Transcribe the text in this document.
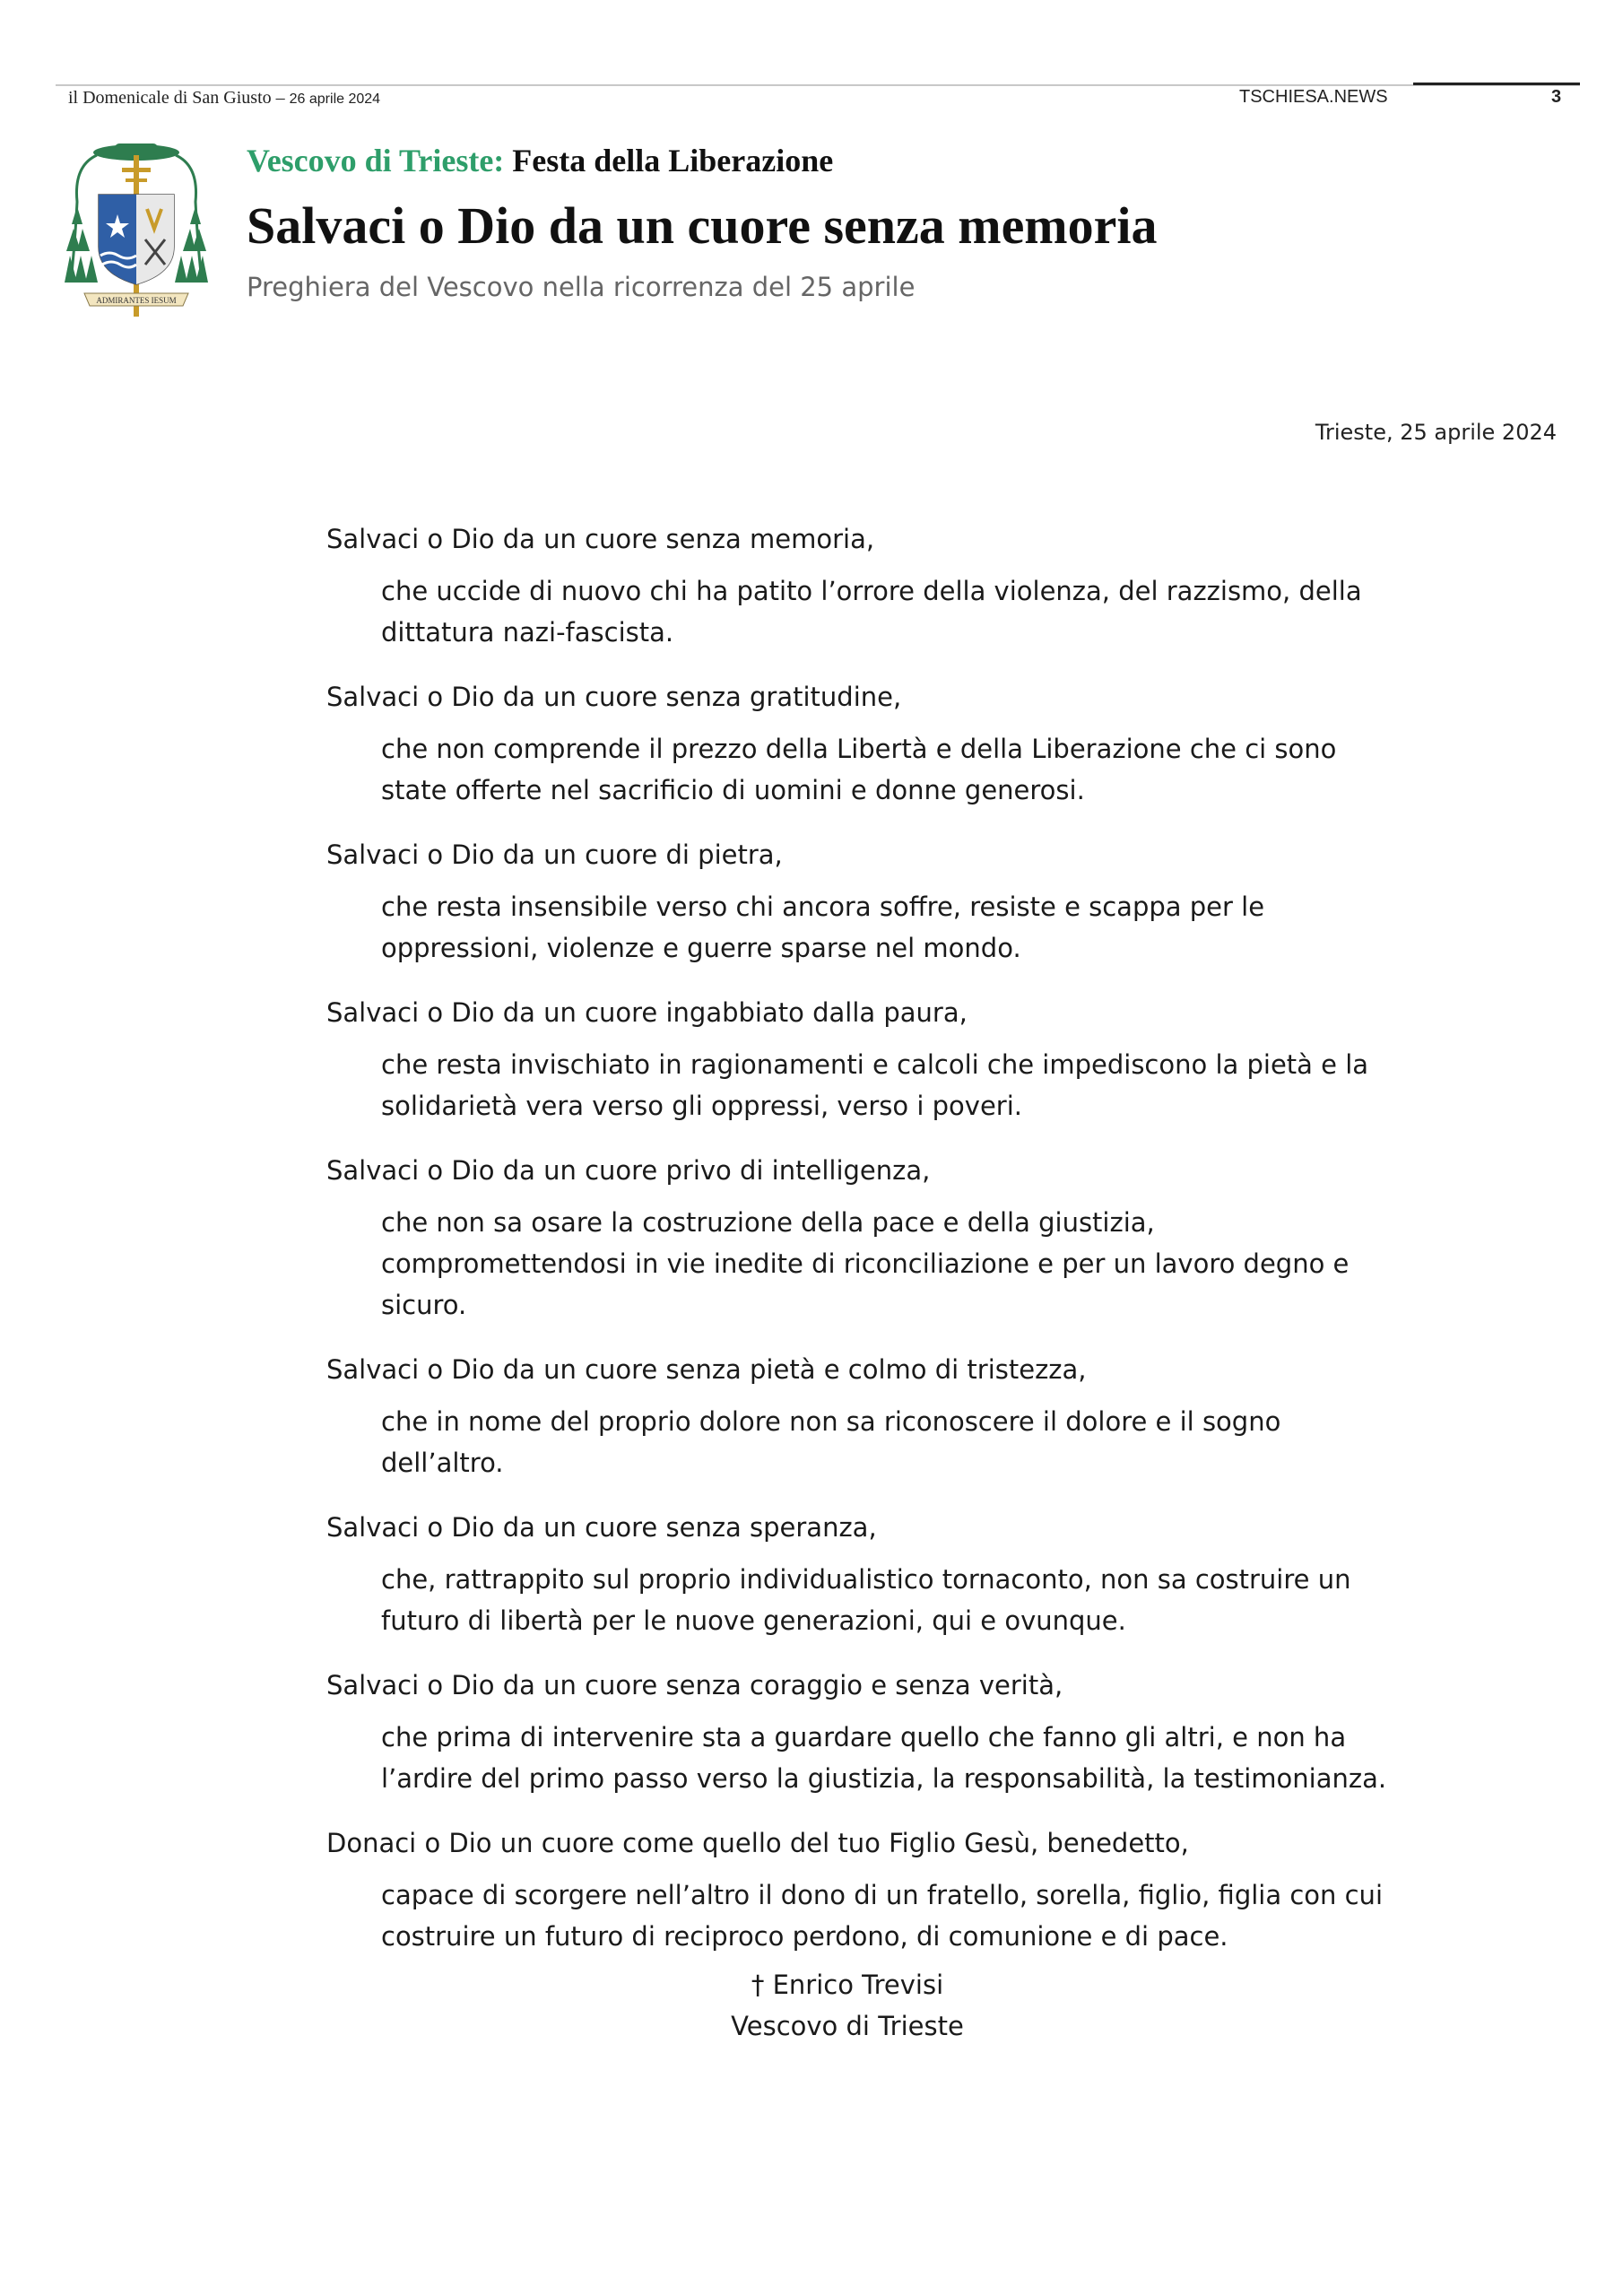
il Domenicale di San Giusto – 26 aprile 2024	TSCHIESA.NEWS	3
ADMIRANTES IESUM
Vescovo di Trieste: Festa della Liberazione
Salvaci o Dio da un cuore senza memoria
Preghiera del Vescovo nella ricorrenza del 25 aprile
Trieste, 25 aprile 2024
Salvaci o Dio da un cuore senza memoria,
che uccide di nuovo chi ha patito l’orrore della violenza, del razzismo, della dittatura nazi-fascista.
Salvaci o Dio da un cuore senza gratitudine,
che non comprende il prezzo della Libertà e della Liberazione che ci sono state offerte nel sacrificio di uomini e donne generosi.
Salvaci o Dio da un cuore di pietra,
che resta insensibile verso chi ancora soffre, resiste e scappa per le oppressioni, violenze e guerre sparse nel mondo.
Salvaci o Dio da un cuore ingabbiato dalla paura,
che resta invischiato in ragionamenti e calcoli che impediscono la pietà e la solidarietà vera verso gli oppressi, verso i poveri.
Salvaci o Dio da un cuore privo di intelligenza,
che non sa osare la costruzione della pace e della giustizia, compromettendosi in vie inedite di riconciliazione e per un lavoro degno e sicuro.
Salvaci o Dio da un cuore senza pietà e colmo di tristezza,
che in nome del proprio dolore non sa riconoscere il dolore e il sogno dell’altro.
Salvaci o Dio da un cuore senza speranza,
che, rattrappito sul proprio individualistico tornaconto, non sa costruire un futuro di libertà per le nuove generazioni, qui e ovunque.
Salvaci o Dio da un cuore senza coraggio e senza verità,
che prima di intervenire sta a guardare quello che fanno gli altri, e non ha l’ardire del primo passo verso la giustizia, la responsabilità, la testimonianza.
Donaci o Dio un cuore come quello del tuo Figlio Gesù, benedetto,
capace di scorgere nell’altro il dono di un fratello, sorella, figlio, figlia con cui costruire un futuro di reciproco perdono, di comunione e di pace.
† Enrico Trevisi
Vescovo di Trieste
